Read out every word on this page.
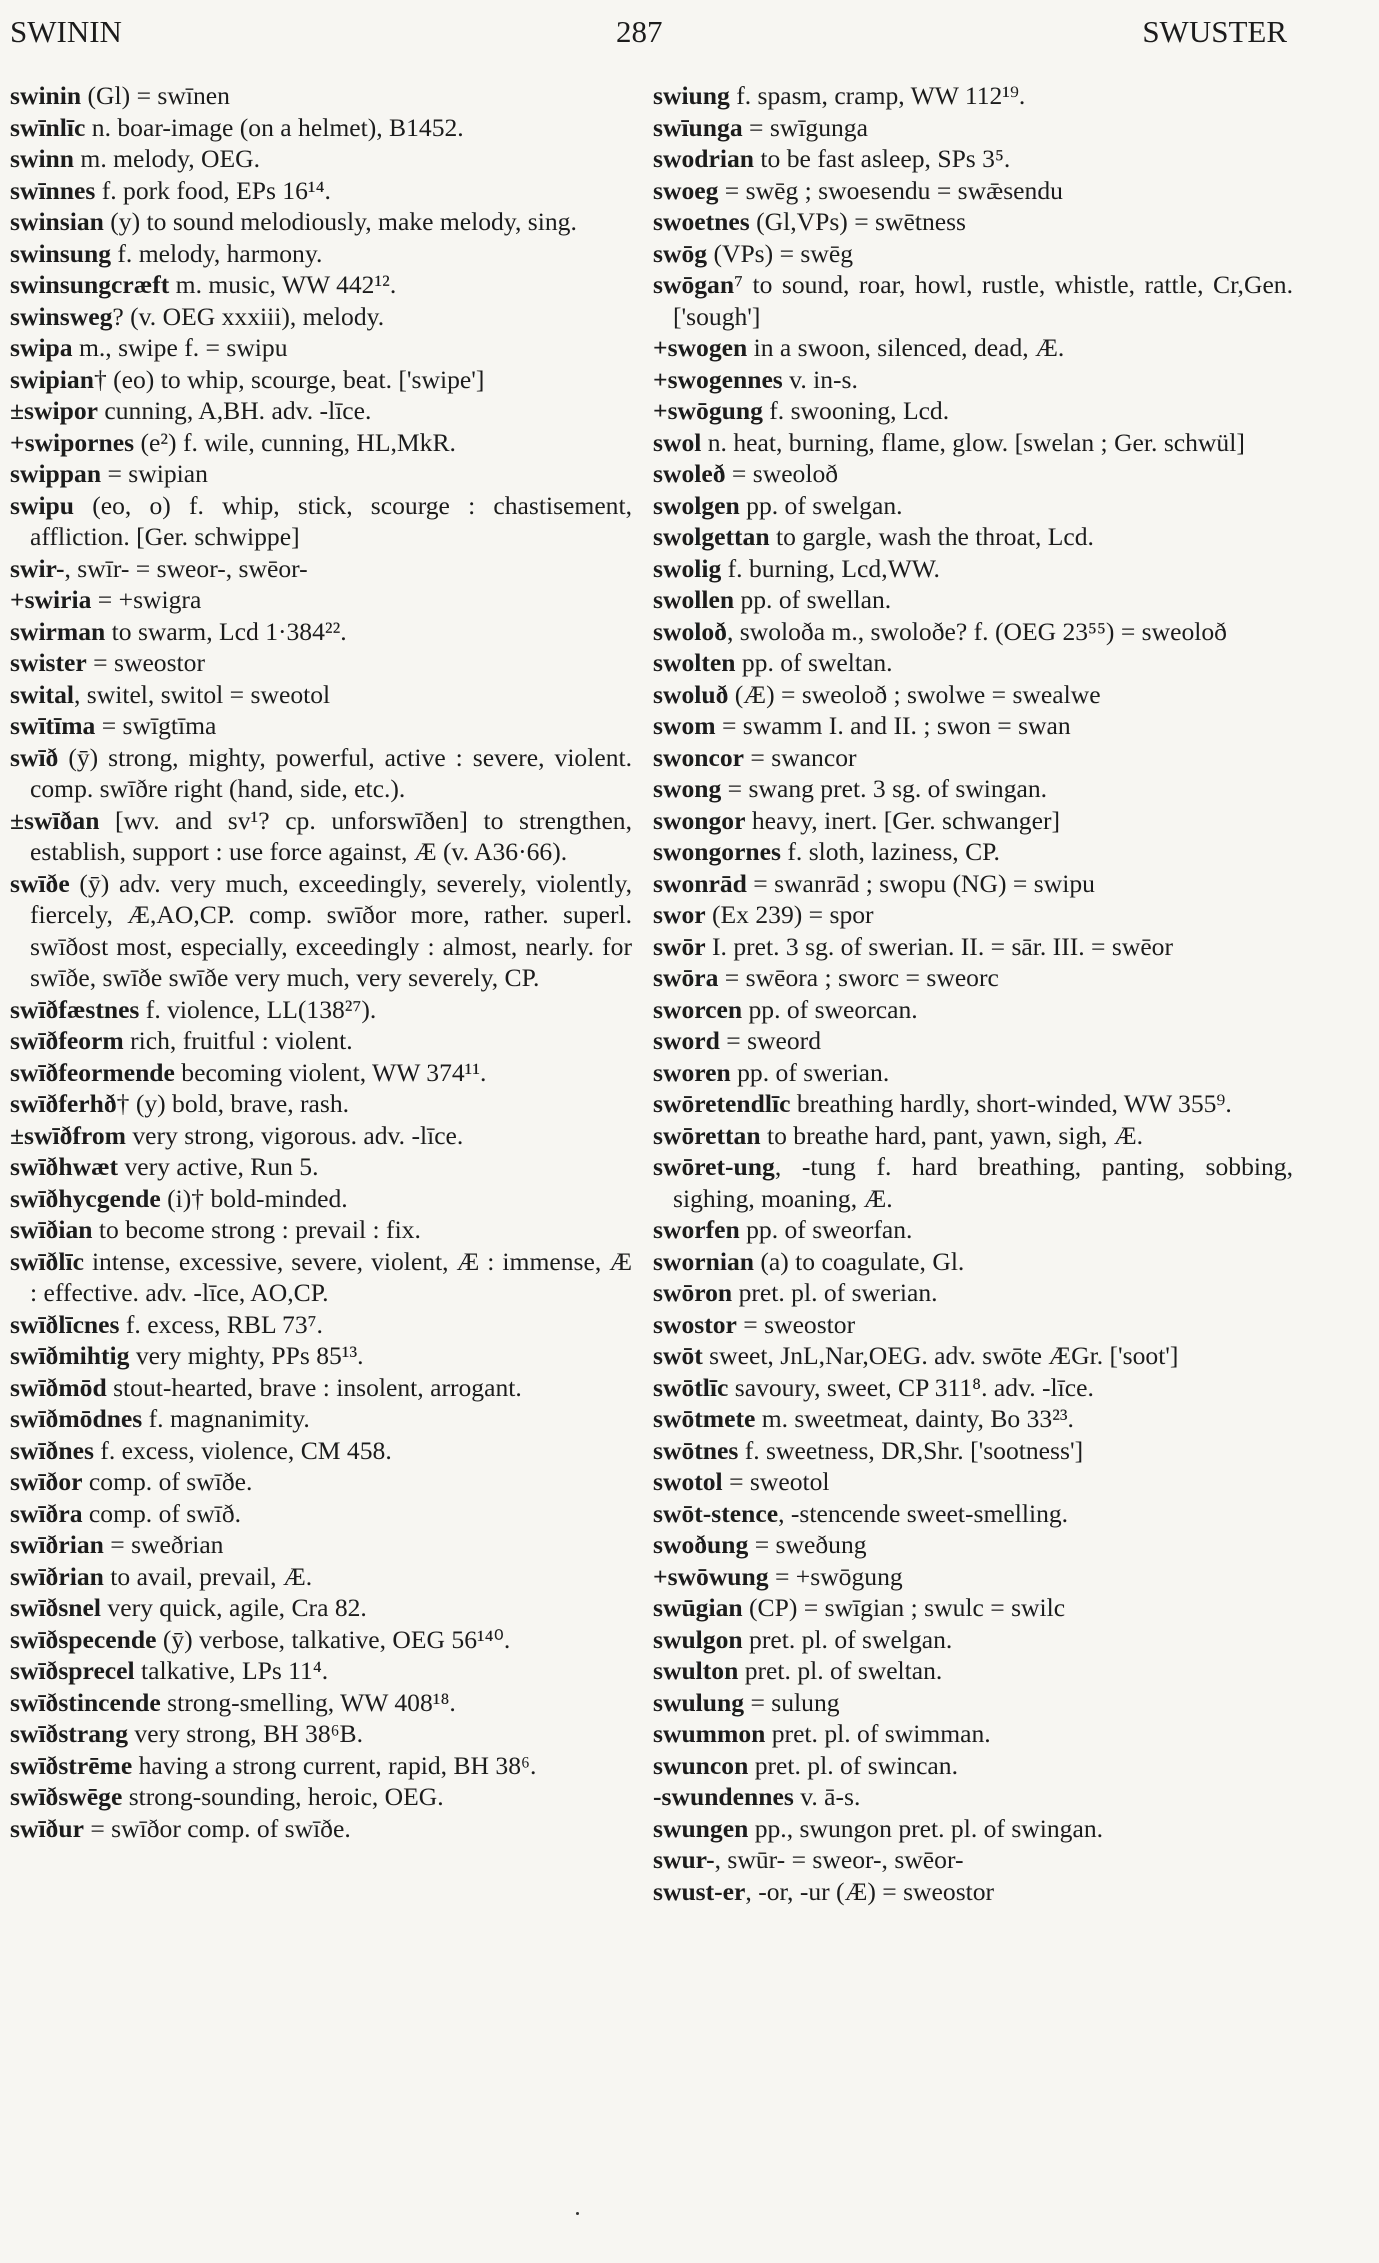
SWININ	287	SWUSTER

swinin (Gl) = swīnen

swīnlīc n. boar-image (on a helmet), B1452.

swinn m. melody, OEG.

swīnnes f. pork food, EPs 16¹⁴.

swinsian (y) to sound melodiously, make melody, sing.

swinsung f. melody, harmony.

swinsungcræft m. music, WW 442¹².

swinsweg? (v. OEG xxxiii), melody.

swipa m., swipe f. = swipu

swipian† (eo) to whip, scourge, beat. ['swipe']

±swipor cunning, A,BH. adv. -līce.

+swipornes (e²) f. wile, cunning, HL,MkR.

swippan = swipian

swipu (eo, o) f. whip, stick, scourge : chastisement, affliction. [Ger. schwippe]

swir-, swīr- = sweor-, swēor-

+swiria = +swigra

swirman to swarm, Lcd 1·384²².

swister = sweostor

swital, switel, switol = sweotol

swītīma = swīgtīma

swīð (ȳ) strong, mighty, powerful, active : severe, violent. comp. swīðre right (hand, side, etc.).

±swīðan [wv. and sv¹? cp. unforswīðen] to strengthen, establish, support : use force against, Æ (v. A36·66).

swīðe (ȳ) adv. very much, exceedingly, severely, violently, fiercely, Æ,AO,CP. comp. swīðor more, rather. superl. swīðost most, especially, exceedingly : almost, nearly. for swīðe, swīðe swīðe very much, very severely, CP.

swīðfæstnes f. violence, LL(138²⁷).

swīðfeorm rich, fruitful : violent.

swīðfeormende becoming violent, WW 374¹¹.

swīðferhð† (y) bold, brave, rash.

±swīðfrom very strong, vigorous. adv. -līce.

swīðhwæt very active, Run 5.

swīðhycgende (i)† bold-minded.

swīðian to become strong : prevail : fix.

swīðlīc intense, excessive, severe, violent, Æ : immense, Æ : effective. adv. -līce, AO,CP.

swīðlīcnes f. excess, RBL 73⁷.

swīðmihtig very mighty, PPs 85¹³.

swīðmōd stout-hearted, brave : insolent, arrogant.

swīðmōdnes f. magnanimity.

swīðnes f. excess, violence, CM 458.

swīðor comp. of swīðe.

swīðra comp. of swīð.

swīðrian = sweðrian

swīðrian to avail, prevail, Æ.

swīðsnel very quick, agile, Cra 82.

swīðspecende (ȳ) verbose, talkative, OEG 56¹⁴⁰.

swīðsprecel talkative, LPs 11⁴.

swīðstincende strong-smelling, WW 408¹⁸.

swīðstrang very strong, BH 38⁶B.

swīðstrēme having a strong current, rapid, BH 38⁶.

swīðswēge strong-sounding, heroic, OEG.

swīður = swīðor comp. of swīðe.

swiung f. spasm, cramp, WW 112¹⁹.

swīunga = swīgunga

swodrian to be fast asleep, SPs 3⁵.

swoeg = swēg ; swoesendu = swǣsendu

swoetnes (Gl,VPs) = swētness

swōg (VPs) = swēg

swōgan⁷ to sound, roar, howl, rustle, whistle, rattle, Cr,Gen. ['sough']

+swogen in a swoon, silenced, dead, Æ.

+swogennes v. in-s.

+swōgung f. swooning, Lcd.

swol n. heat, burning, flame, glow. [swelan ; Ger. schwül]

swoleð = sweoloð

swolgen pp. of swelgan.

swolgettan to gargle, wash the throat, Lcd.

swolig f. burning, Lcd,WW.

swollen pp. of swellan.

swoloð, swoloða m., swoloðe? f. (OEG 23⁵⁵) = sweoloð

swolten pp. of sweltan.

swoluð (Æ) = sweoloð ; swolwe = swealwe

swom = swamm I. and II. ; swon = swan

swoncor = swancor

swong = swang pret. 3 sg. of swingan.

swongor heavy, inert. [Ger. schwanger]

swongornes f. sloth, laziness, CP.

swonrād = swanrād ; swopu (NG) = swipu

swor (Ex 239) = spor

swōr I. pret. 3 sg. of swerian. II. = sār. III. = swēor

swōra = swēora ; sworc = sweorc

sworcen pp. of sweorcan.

sword = sweord

sworen pp. of swerian.

swōretendlīc breathing hardly, short-winded, WW 355⁹.

swōrettan to breathe hard, pant, yawn, sigh, Æ.

swōret-ung, -tung f. hard breathing, panting, sobbing, sighing, moaning, Æ.

sworfen pp. of sweorfan.

swornian (a) to coagulate, Gl.

swōron pret. pl. of swerian.

swostor = sweostor

swōt sweet, JnL,Nar,OEG. adv. swōte ÆGr. ['soot']

swōtlīc savoury, sweet, CP 311⁸. adv. -līce.

swōtmete m. sweetmeat, dainty, Bo 33²³.

swōtnes f. sweetness, DR,Shr. ['sootness']

swotol = sweotol

swōt-stence, -stencende sweet-smelling.

swoðung = sweðung

+swōwung = +swōgung

swūgian (CP) = swīgian ; swulc = swilc

swulgon pret. pl. of swelgan.

swulton pret. pl. of sweltan.

swulung = sulung

swummon pret. pl. of swimman.

swuncon pret. pl. of swincan.

-swundennes v. ā-s.

swungen pp., swungon pret. pl. of swingan.

swur-, swūr- = sweor-, swēor-

swust-er, -or, -ur (Æ) = sweostor
